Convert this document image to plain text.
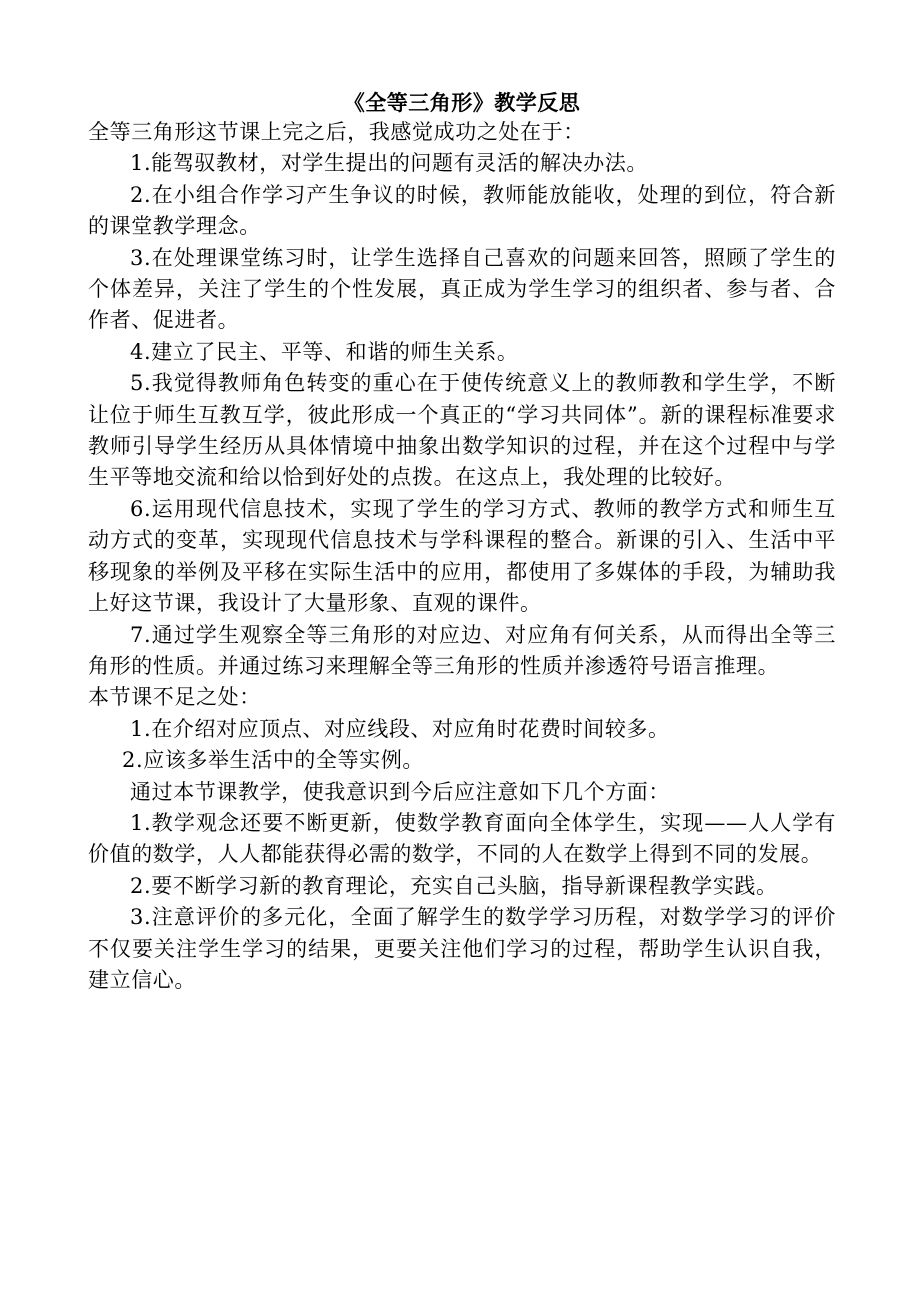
《全等三角形》教学反思

全等三角形这节课上完之后，我感觉成功之处在于：

1.能驾驭教材，对学生提出的问题有灵活的解决办法。

2.在小组合作学习产生争议的时候，教师能放能收，处理的到位，符合新的课堂教学理念。

3.在处理课堂练习时，让学生选择自己喜欢的问题来回答，照顾了学生的个体差异，关注了学生的个性发展，真正成为学生学习的组织者、参与者、合作者、促进者。

4.建立了民主、平等、和谐的师生关系。

5.我觉得教师角色转变的重心在于使传统意义上的教师教和学生学，不断让位于师生互教互学，彼此形成一个真正的“学习共同体”。新的课程标准要求教师引导学生经历从具体情境中抽象出数学知识的过程，并在这个过程中与学生平等地交流和给以恰到好处的点拨。在这点上，我处理的比较好。

6.运用现代信息技术，实现了学生的学习方式、教师的教学方式和师生互动方式的变革，实现现代信息技术与学科课程的整合。新课的引入、生活中平移现象的举例及平移在实际生活中的应用，都使用了多媒体的手段，为辅助我上好这节课，我设计了大量形象、直观的课件。

7.通过学生观察全等三角形的对应边、对应角有何关系，从而得出全等三角形的性质。并通过练习来理解全等三角形的性质并渗透符号语言推理。

本节课不足之处：

1.在介绍对应顶点、对应线段、对应角时花费时间较多。

2.应该多举生活中的全等实例。

通过本节课教学，使我意识到今后应注意如下几个方面：

1.教学观念还要不断更新，使数学教育面向全体学生，实现——人人学有价值的数学，人人都能获得必需的数学，不同的人在数学上得到不同的发展。

2.要不断学习新的教育理论，充实自己头脑，指导新课程教学实践。

3.注意评价的多元化，全面了解学生的数学学习历程，对数学学习的评价不仅要关注学生学习的结果，更要关注他们学习的过程，帮助学生认识自我，建立信心。
